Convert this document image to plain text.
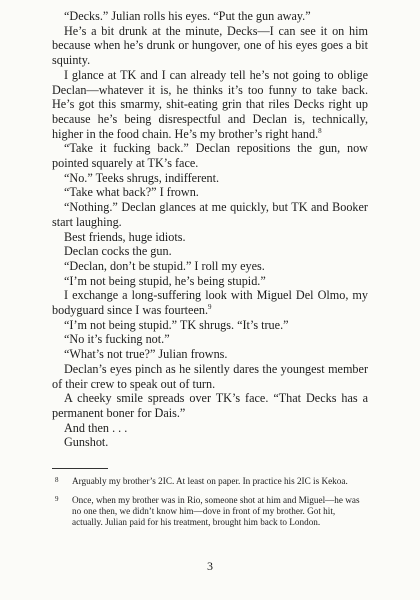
“Decks.” Julian rolls his eyes. “Put the gun away.”

He’s a bit drunk at the minute, Decks—I can see it on him because when he’s drunk or hungover, one of his eyes goes a bit squinty.

I glance at TK and I can already tell he’s not going to oblige Declan—whatever it is, he thinks it’s too funny to take back. He’s got this smarmy, shit-eating grin that riles Decks right up because he’s being disrespectful and Declan is, technically, higher in the food chain. He’s my brother’s right hand.$^8$

“Take it fucking back.” Declan repositions the gun, now pointed squarely at TK’s face.

“No.” Teeks shrugs, indifferent.

“Take what back?” I frown.

“Nothing.” Declan glances at me quickly, but TK and Booker start laughing.

Best friends, huge idiots.

Declan cocks the gun.

“Declan, don’t be stupid.” I roll my eyes.

“I’m not being stupid, he’s being stupid.”

I exchange a long-suffering look with Miguel Del Olmo, my bodyguard since I was fourteen.$^9$

“I’m not being stupid.” TK shrugs. “It’s true.”

“No it’s fucking not.”

“What’s not true?” Julian frowns.

Declan’s eyes pinch as he silently dares the youngest member of their crew to speak out of turn.

A cheeky smile spreads over TK’s face. “That Decks has a permanent boner for Dais.”

And then . . .

Gunshot.

8 Arguably my brother’s 2IC. At least on paper. In practice his 2IC is Kekoa.
9 Once, when my brother was in Rio, someone shot at him and Miguel—he was no one then, we didn’t know him—dove in front of my brother. Got hit, actually. Julian paid for his treatment, brought him back to London.
3
